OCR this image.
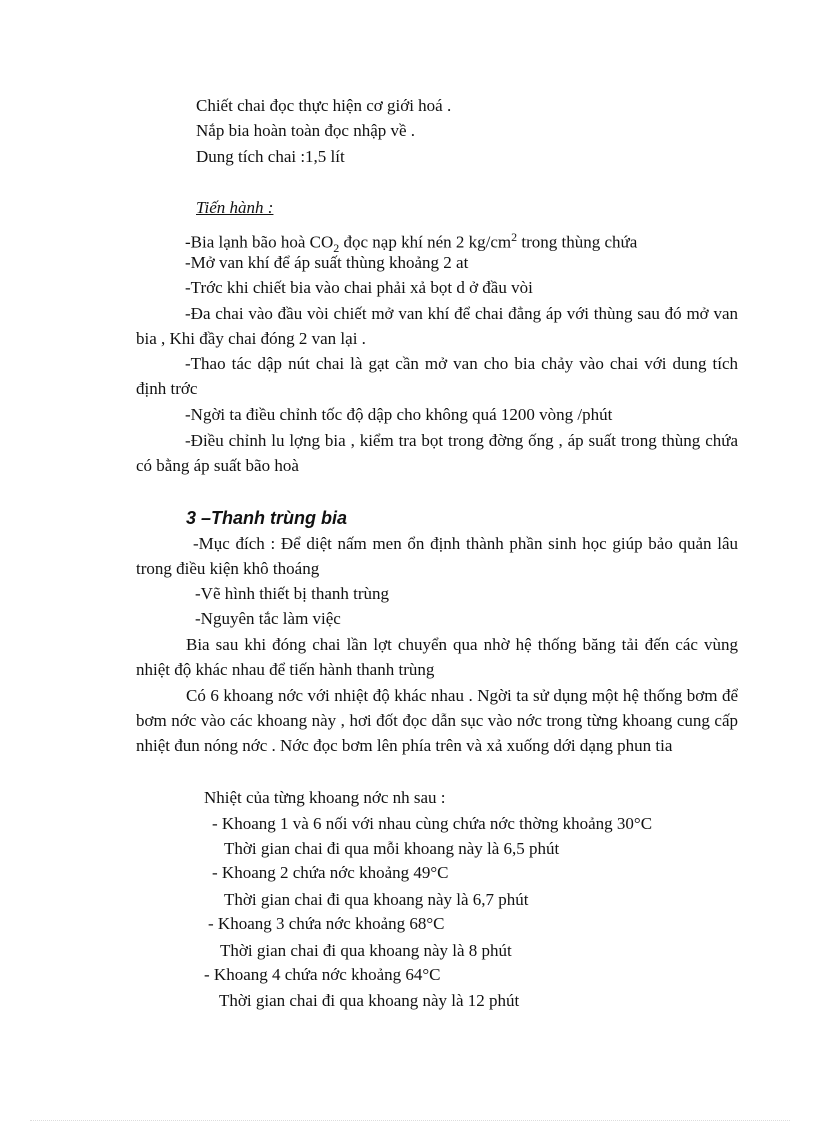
Chiết chai đọc thực hiện cơ giới hoá .
Nắp bia hoàn toàn đọc nhập về .
Dung tích chai :1,5 lít
Tiến hành :
-Bia lạnh bão hoà $CO_2$ đọc nạp khí nén 2 $kg/cm^2$ trong thùng chứa
-Mở van khí để áp suất thùng khoảng 2 at
-Trớc khi chiết bia vào chai phải xả bọt d ở đầu vòi
-Đa chai vào đầu vòi chiết mở van khí để chai đẳng áp với thùng sau đó mở van bia , Khi đầy chai đóng 2 van lại .
-Thao tác dập nút chai là gạt cần mở van cho bia chảy vào chai với dung tích định trớc
-Ngời ta điều chỉnh tốc độ dập cho không quá 1200 vòng /phút
-Điều chỉnh lu lợng bia , kiểm tra bọt trong đờng ống , áp suất trong thùng chứa có bằng áp suất bão hoà
3 –Thanh trùng bia
-Mục đích : Để diệt nấm men ổn định thành phần sinh học giúp bảo quản lâu trong điều kiện khô thoáng
-Vẽ hình thiết bị thanh trùng
-Nguyên tắc làm việc
Bia sau khi đóng chai lần lợt chuyển qua nhờ hệ thống băng tải đến các vùng nhiệt độ khác nhau để tiến hành thanh trùng
Có 6 khoang nớc với nhiệt độ khác nhau . Ngời ta sử dụng một hệ thống bơm để bơm nớc vào các khoang này , hơi đốt đọc dẫn sục vào nớc trong từng khoang cung cấp nhiệt đun nóng nớc . Nớc đọc bơm lên phía trên và xả xuống dới dạng phun tia
Nhiệt của từng khoang nớc nh sau :
- Khoang 1 và 6 nối với nhau cùng chứa nớc thờng khoảng 30°C
Thời gian chai đi qua mỗi khoang này là 6,5 phút
- Khoang 2 chứa nớc khoảng 49°C
Thời gian chai đi qua khoang này là 6,7 phút
- Khoang 3 chứa nớc khoảng 68°C
Thời gian chai đi qua khoang này là 8 phút
- Khoang 4 chứa nớc khoảng 64°C
Thời gian chai đi qua khoang này là 12 phút
